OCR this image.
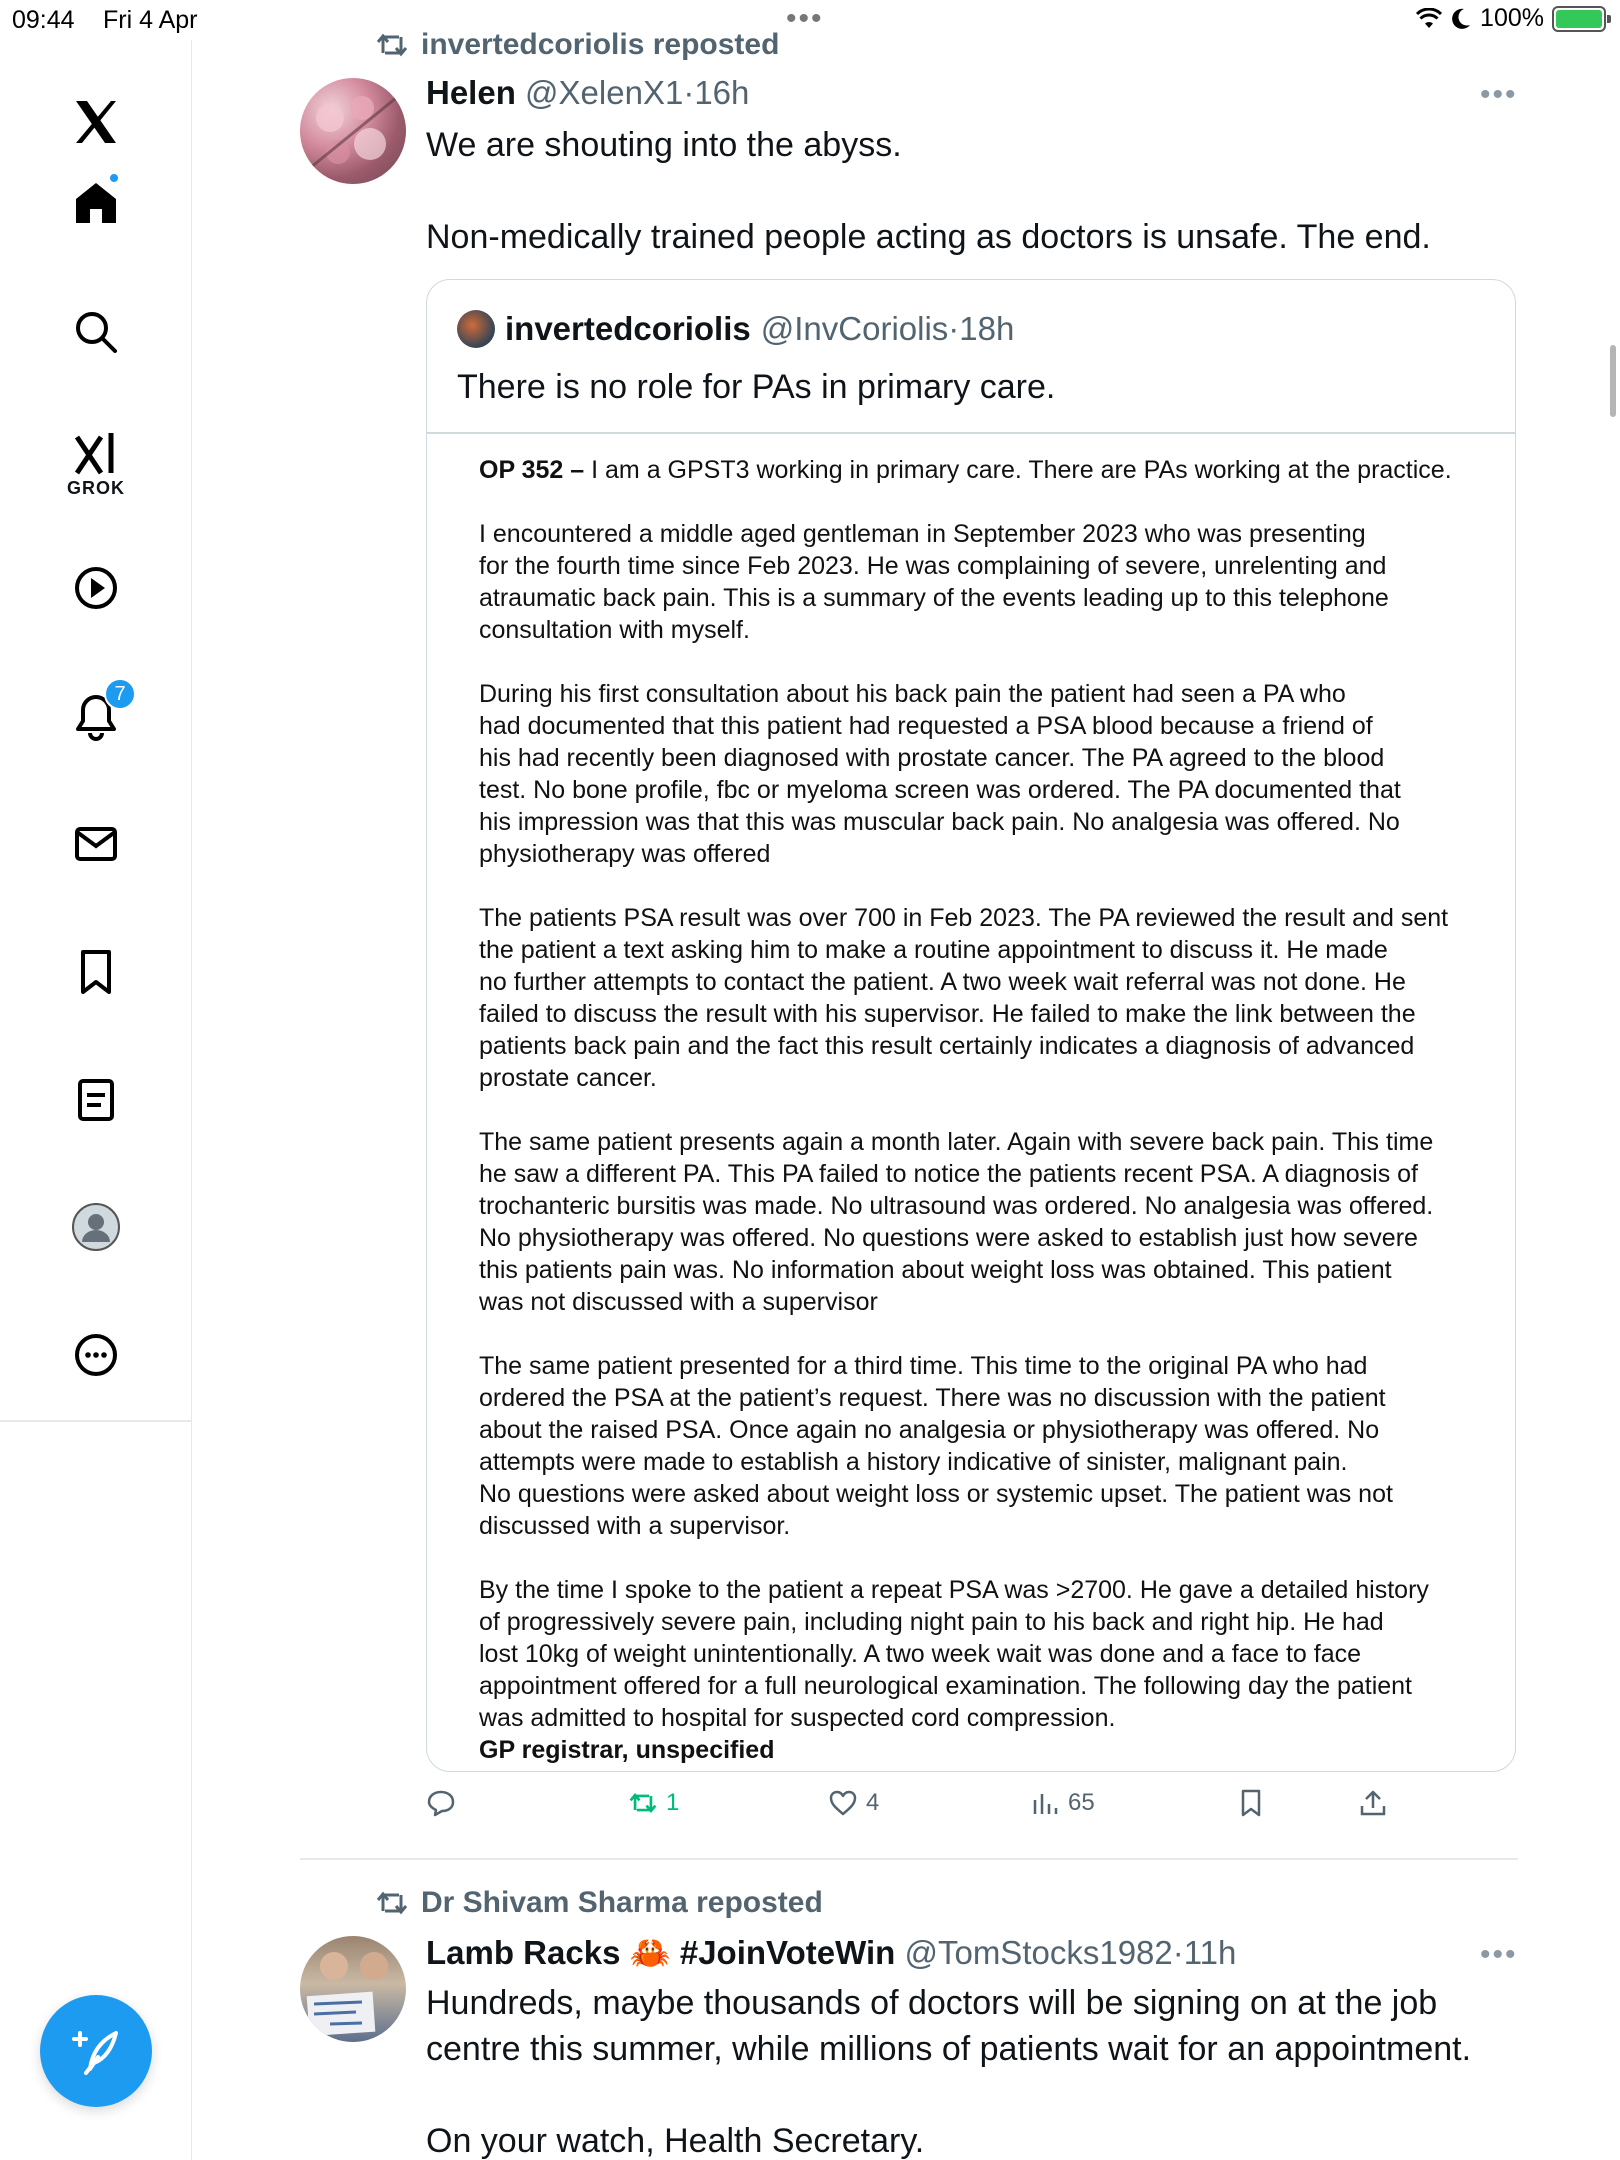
09:44 Fri 4 Apr	•••	100%
GROK
7
invertedcoriolis reposted
Helen @XelenX1·16h	•••
We are shouting into the abyss.
Non-medically trained people acting as doctors is unsafe. The end.
invertedcoriolis @InvCoriolis·18h
There is no role for PAs in primary care.

OP 352 – I am a GPST3 working in primary care. There are PAs working at the practice.

I encountered a middle aged gentleman in September 2023 who was presenting
for the fourth time since Feb 2023. He was complaining of severe, unrelenting and
atraumatic back pain. This is a summary of the events leading up to this telephone
consultation with myself.

During his first consultation about his back pain the patient had seen a PA who
had documented that this patient had requested a PSA blood because a friend of
his had recently been diagnosed with prostate cancer. The PA agreed to the blood
test. No bone profile, fbc or myeloma screen was ordered. The PA documented that
his impression was that this was muscular back pain. No analgesia was offered. No
physiotherapy was offered

The patients PSA result was over 700 in Feb 2023. The PA reviewed the result and sent
the patient a text asking him to make a routine appointment to discuss it. He made
no further attempts to contact the patient. A two week wait referral was not done. He
failed to discuss the result with his supervisor. He failed to make the link between the
patients back pain and the fact this result certainly indicates a diagnosis of advanced
prostate cancer.

The same patient presents again a month later. Again with severe back pain. This time
he saw a different PA. This PA failed to notice the patients recent PSA. A diagnosis of
trochanteric bursitis was made. No ultrasound was ordered. No analgesia was offered.
No physiotherapy was offered. No questions were asked to establish just how severe
this patients pain was. No information about weight loss was obtained. This patient
was not discussed with a supervisor

The same patient presented for a third time. This time to the original PA who had
ordered the PSA at the patient’s request. There was no discussion with the patient
about the raised PSA. Once again no analgesia or physiotherapy was offered. No
attempts were made to establish a history indicative of sinister, malignant pain.
No questions were asked about weight loss or systemic upset. The patient was not
discussed with a supervisor.

By the time I spoke to the patient a repeat PSA was >2700. He gave a detailed history
of progressively severe pain, including night pain to his back and right hip. He had
lost 10kg of weight unintentionally. A two week wait was done and a face to face
appointment offered for a full neurological examination. The following day the patient
was admitted to hospital for suspected cord compression.

GP registrar, unspecified

1	4	65
Dr Shivam Sharma reposted
Lamb Racks 🦀 #JoinVoteWin @TomStocks1982·11h	•••
Hundreds, maybe thousands of doctors will be signing on at the job
centre this summer, while millions of patients wait for an appointment.
On your watch, Health Secretary.
